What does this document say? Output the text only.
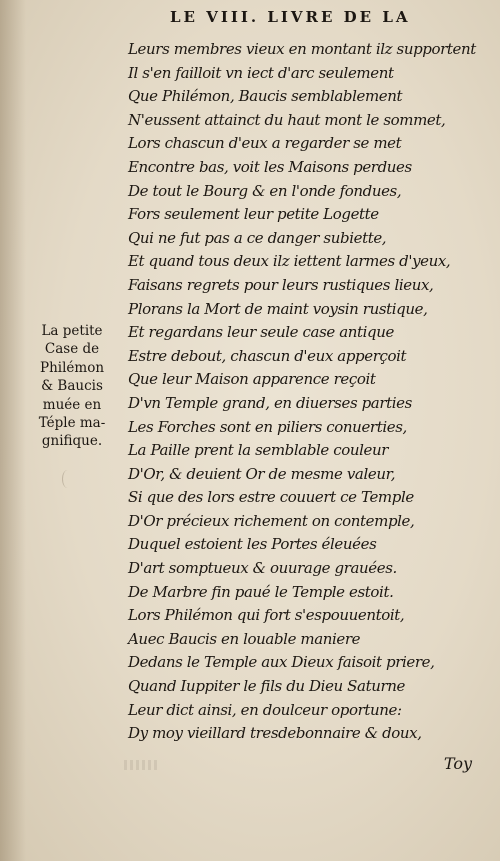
LE VIII. LIVRE DE LA
Leurs membres vieux en montant ilz supportent
Il s'en failloit vn iect d'arc seulement
Que Philémon, Baucis semblablement
N'eussent attainct du haut mont le sommet,
Lors chascun d'eux a regarder se met
Encontre bas, voit les Maisons perdues
De tout le Bourg & en l'onde fondues,
Fors seulement leur petite Logette
Qui ne fut pas a ce danger subiette,
Et quand tous deux ilz iettent larmes d'yeux,
Faisans regrets pour leurs rustiques lieux,
Plorans la Mort de maint voysin rustique,
Et regardans leur seule case antique
Estre debout, chascun d'eux apperçoit
Que leur Maison apparence reçoit
D'vn Temple grand, en diuerses parties
Les Forches sont en piliers conuerties,
La Paille prent la semblable couleur
D'Or, & deuient Or de mesme valeur,
Si que des lors estre couuert ce Temple
D'Or précieux richement on contemple,
Duquel estoient les Portes éleuées
D'art somptueux & ouurage grauées.
De Marbre fin paué le Temple estoit.
Lors Philémon qui fort s'espouuentoit,
Auec Baucis en louable maniere
Dedans le Temple aux Dieux faisoit priere,
Quand Iuppiter le fils du Dieu Saturne
Leur dict ainsi, en doulceur oportune:
Dy moy vieillard tresdebonnaire & doux,
La petite
Case de
Philémon
& Baucis
muée en
Téple ma-
gnifique.
Toy
